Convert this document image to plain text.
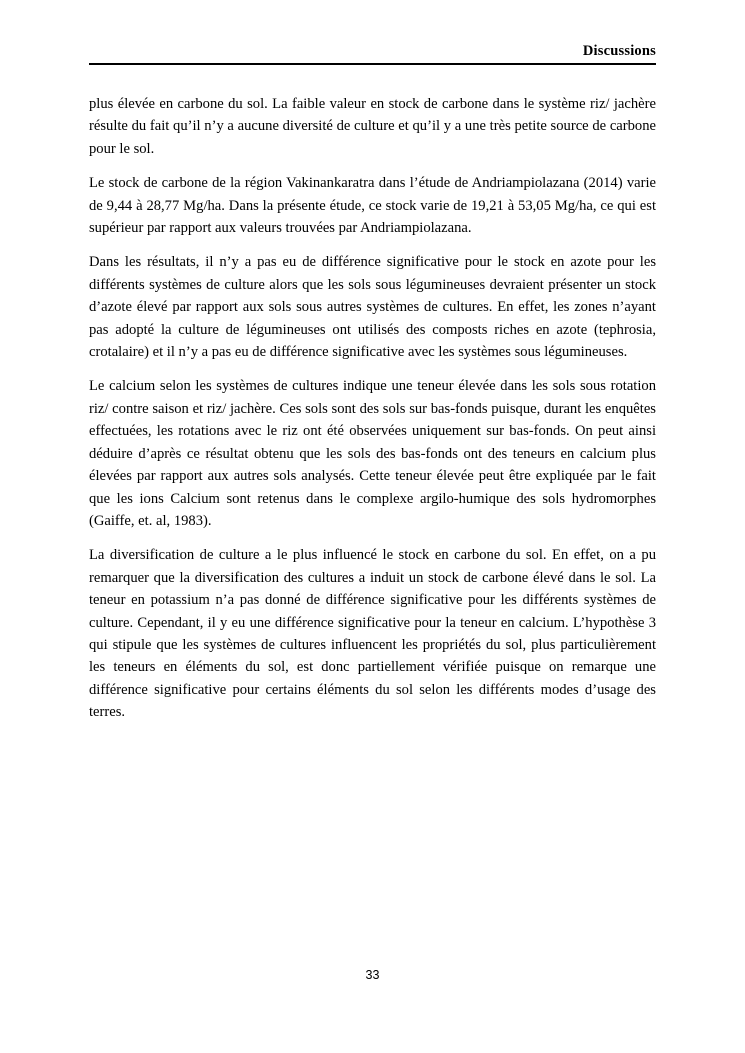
Discussions

plus élevée en carbone du sol. La faible valeur en stock de carbone dans le système riz/ jachère résulte du fait qu’il n’y a aucune diversité de culture et qu’il y a une très petite source de carbone pour le sol.

Le stock de carbone de la région Vakinankaratra dans l’étude de Andriampiolazana (2014) varie de 9,44 à 28,77 Mg/ha. Dans la présente étude, ce stock varie de 19,21 à 53,05 Mg/ha, ce qui est supérieur par rapport aux valeurs trouvées par Andriampiolazana.

Dans les résultats, il n’y a pas eu de différence significative pour le stock en azote pour les différents systèmes de culture alors que les sols sous légumineuses devraient présenter un stock d’azote élevé par rapport aux sols sous autres systèmes de cultures. En effet, les zones n’ayant pas adopté la culture de légumineuses ont utilisés des composts riches en azote (tephrosia, crotalaire) et il n’y a pas eu de différence significative avec les systèmes sous légumineuses.

Le calcium selon les systèmes de cultures indique une teneur élevée dans les sols sous rotation riz/ contre saison et riz/ jachère. Ces sols sont des sols sur bas-fonds puisque, durant les enquêtes effectuées, les rotations avec le riz ont été observées uniquement sur bas-fonds. On peut ainsi déduire d’après ce résultat obtenu que les sols des bas-fonds ont des teneurs en calcium plus élevées par rapport aux autres sols analysés. Cette teneur élevée peut être expliquée par le fait que les ions Calcium sont retenus dans le complexe argilo-humique des sols hydromorphes (Gaiffe, et. al, 1983).

La diversification de culture a le plus influencé le stock en carbone du sol. En effet, on a pu remarquer que la diversification des cultures a induit un stock de carbone élevé dans le sol. La teneur en potassium n’a pas donné de différence significative pour les différents systèmes de culture. Cependant, il y eu une différence significative pour la teneur en calcium. L’hypothèse 3 qui stipule que les systèmes de cultures influencent les propriétés du sol, plus particulièrement les teneurs en éléments du sol, est donc partiellement vérifiée puisque on remarque une différence significative pour certains éléments du sol selon les différents modes d’usage des terres.

33
